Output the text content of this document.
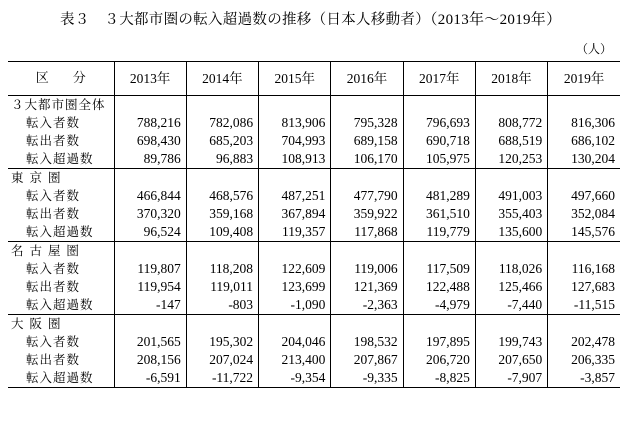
表３　３大都市圏の転入超過数の推移（日本人移動者）（2013年～2019年）
（人）
区分	2013年	2014年	2015年	2016年	2017年	2018年	2019年
３大都市圏全体							
転入者数	788,216	782,086	813,906	795,328	796,693	808,772	816,306
転出者数	698,430	685,203	704,993	689,158	690,718	688,519	686,102
転入超過数	89,786	96,883	108,913	106,170	105,975	120,253	130,204
東 京 圏							
転入者数	466,844	468,576	487,251	477,790	481,289	491,003	497,660
転出者数	370,320	359,168	367,894	359,922	361,510	355,403	352,084
転入超過数	96,524	109,408	119,357	117,868	119,779	135,600	145,576
名 古 屋 圏							
転入者数	119,807	118,208	122,609	119,006	117,509	118,026	116,168
転出者数	119,954	119,011	123,699	121,369	122,488	125,466	127,683
転入超過数	-147	-803	-1,090	-2,363	-4,979	-7,440	-11,515
大 阪 圏							
転入者数	201,565	195,302	204,046	198,532	197,895	199,743	202,478
転出者数	208,156	207,024	213,400	207,867	206,720	207,650	206,335
転入超過数	-6,591	-11,722	-9,354	-9,335	-8,825	-7,907	-3,857
